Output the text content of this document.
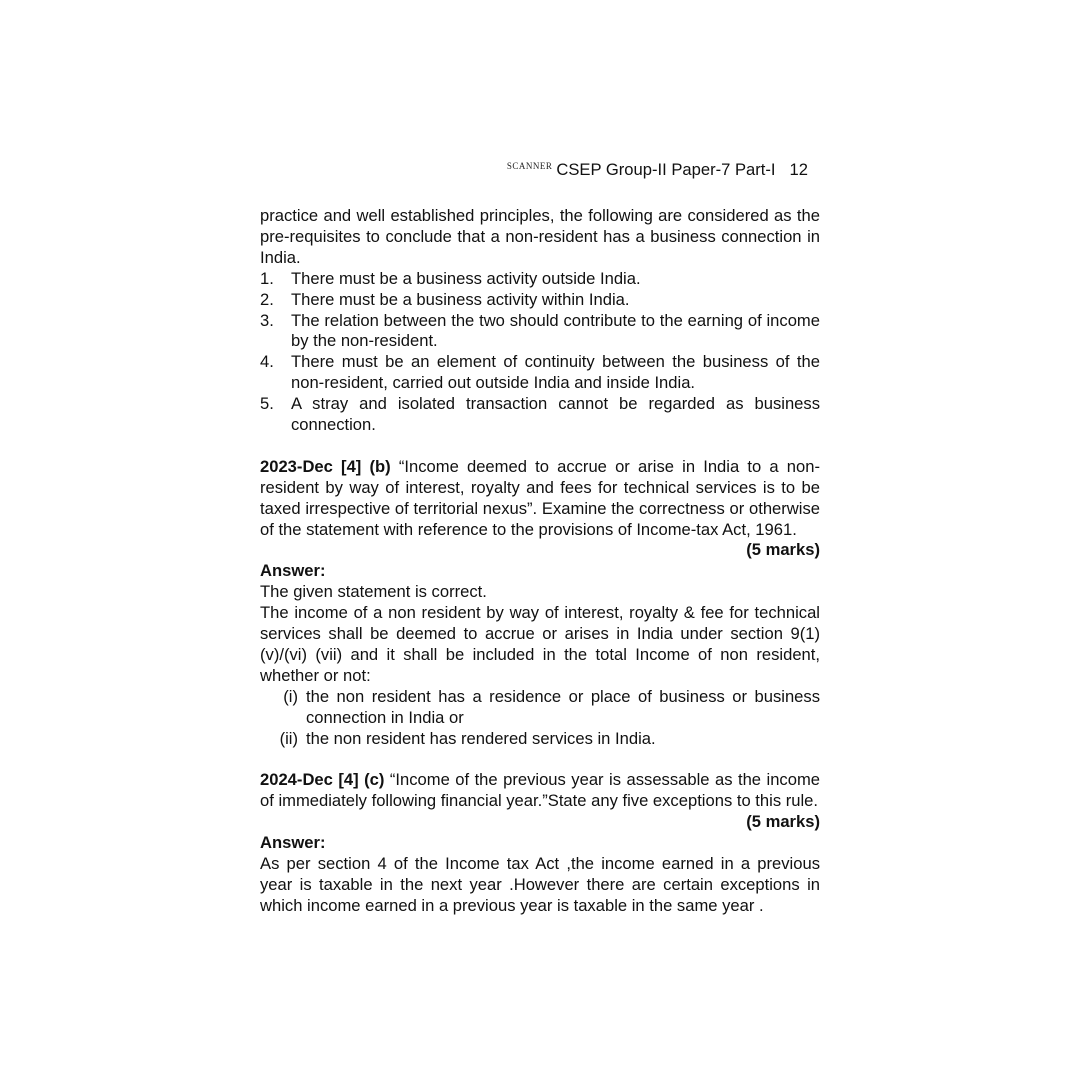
SCANNER CSEP Group-II Paper-7 Part-I 12

practice and well established principles, the following are considered as the pre-requisites to conclude that a non-resident has a business connection in India.

1.	There must be a business activity outside India.
2.	There must be a business activity within India.
3.	The relation between the two should contribute to the earning of income by the non-resident.
4.	There must be an element of continuity between the business of the non-resident, carried out outside India and inside India.
5.	A stray and isolated transaction cannot be regarded as business connection.

2023-Dec [4] (b) “Income deemed to accrue or arise in India to a non-resident by way of interest, royalty and fees for technical services is to be taxed irrespective of territorial nexus”. Examine the correctness or otherwise of the statement with reference to the provisions of Income-tax Act, 1961.

(5 marks)
Answer:

The given statement is correct.

The income of a non resident by way of interest, royalty & fee for technical services shall be deemed to accrue or arises in India under section 9(1)(v)/(vi) (vii) and it shall be included in the total Income of non resident, whether or not:

(i) the non resident has a residence or place of business or business connection in India or
(ii) the non resident has rendered services in India.

2024-Dec [4] (c) “Income of the previous year is assessable as the income of immediately following financial year.”State any five exceptions to this rule.

(5 marks)
Answer:

As per section 4 of the Income tax Act ,the income earned in a previous year is taxable in the next year .However there are certain exceptions in which income earned in a previous year is taxable in the same year .
